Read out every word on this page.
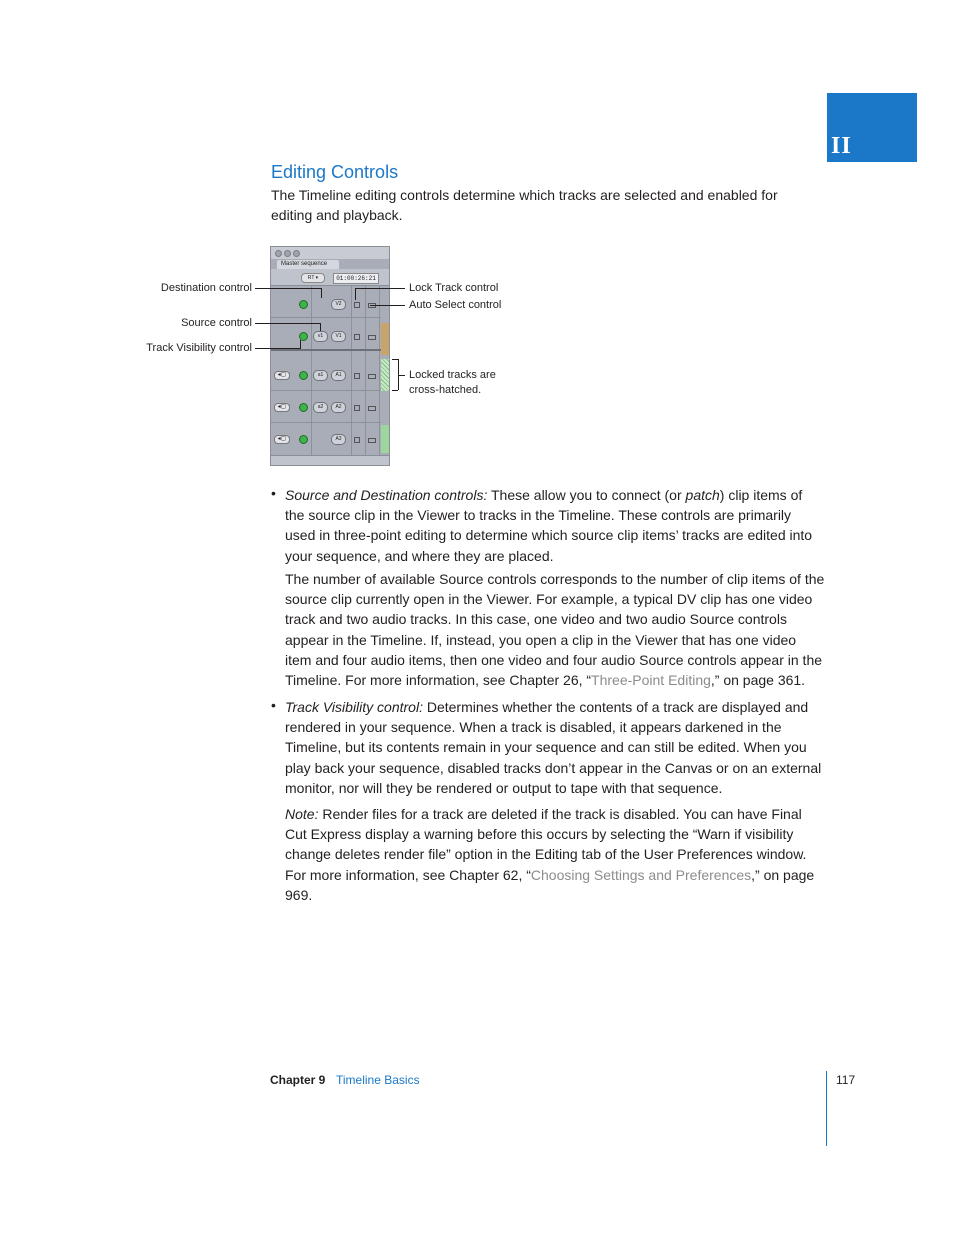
II
Editing Controls

The Timeline editing controls determine which tracks are selected and enabled for editing and playback.

Master sequence
RT ▾	01:00:26:21
V2
v1	V1
◂▢	a1	A1
◂▢	a2	A2
◂▢	A3
Destination control
Source control
Track Visibility control
Lock Track control
Auto Select control
Locked tracks are
cross-hatched.
• Source and Destination controls: These allow you to connect (or patch) clip items of the source clip in the Viewer to tracks in the Timeline. These controls are primarily used in three-point editing to determine which source clip items’ tracks are edited into your sequence, and where they are placed.

The number of available Source controls corresponds to the number of clip items of the source clip currently open in the Viewer. For example, a typical DV clip has one video track and two audio tracks. In this case, one video and two audio Source controls appear in the Timeline. If, instead, you open a clip in the Viewer that has one video item and four audio items, then one video and four audio Source controls appear in the Timeline. For more information, see Chapter 26, “Three-Point Editing,” on page 361.

• Track Visibility control: Determines whether the contents of a track are displayed and rendered in your sequence. When a track is disabled, it appears darkened in the Timeline, but its contents remain in your sequence and can still be edited. When you play back your sequence, disabled tracks don’t appear in the Canvas or on an external monitor, nor will they be rendered or output to tape with that sequence.

Note: Render files for a track are deleted if the track is disabled. You can have Final Cut Express display a warning before this occurs by selecting the “Warn if visibility change deletes render file” option in the Editing tab of the User Preferences window. For more information, see Chapter 62, “Choosing Settings and Preferences,” on page 969.

Chapter 9 Timeline Basics	117
